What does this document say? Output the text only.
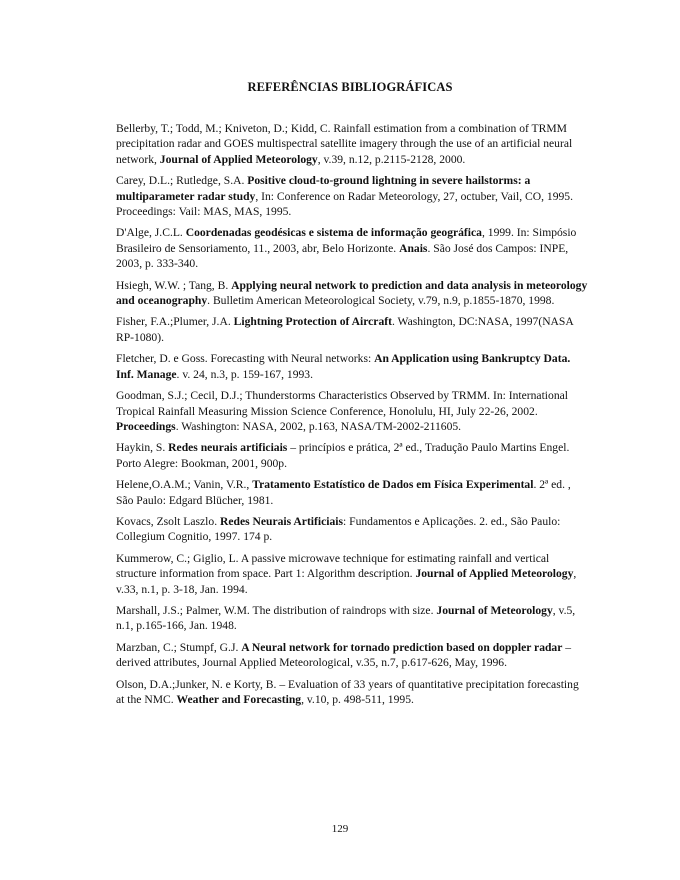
REFERÊNCIAS BIBLIOGRÁFICAS

Bellerby, T.; Todd, M.; Kniveton, D.; Kidd, C. Rainfall estimation from a combination of TRMM precipitation radar and GOES multispectral satellite imagery through the use of an artificial neural network, Journal of Applied Meteorology, v.39, n.12, p.2115-2128, 2000.

Carey, D.L.; Rutledge, S.A. Positive cloud-to-ground lightning in severe hailstorms: a multiparameter radar study, In: Conference on Radar Meteorology, 27, octuber, Vail, CO, 1995. Proceedings: Vail: MAS, MAS, 1995.

D'Alge, J.C.L. Coordenadas geodésicas e sistema de informação geográfica, 1999. In: Simpósio Brasileiro de Sensoriamento, 11., 2003, abr, Belo Horizonte. Anais. São José dos Campos: INPE, 2003, p. 333-340.

Hsiegh, W.W. ; Tang, B. Applying neural network to prediction and data analysis in meteorology and oceanography. Bulletim American Meteorological Society, v.79, n.9, p.1855-1870, 1998.

Fisher, F.A.;Plumer, J.A. Lightning Protection of Aircraft. Washington, DC:NASA, 1997(NASA RP-1080).

Fletcher, D. e Goss. Forecasting with Neural networks: An Application using Bankruptcy Data. Inf. Manage. v. 24, n.3, p. 159-167, 1993.

Goodman, S.J.; Cecil, D.J.; Thunderstorms Characteristics Observed by TRMM. In: International Tropical Rainfall Measuring Mission Science Conference, Honolulu, HI, July 22-26, 2002. Proceedings. Washington: NASA, 2002, p.163, NASA/TM-2002-211605.

Haykin, S. Redes neurais artificiais – princípios e prática, 2ª ed., Tradução Paulo Martins Engel. Porto Alegre: Bookman, 2001, 900p.

Helene,O.A.M.; Vanin, V.R., Tratamento Estatístico de Dados em Física Experimental. 2ª ed. , São Paulo: Edgard Blücher, 1981.

Kovacs, Zsolt Laszlo. Redes Neurais Artificiais: Fundamentos e Aplicações. 2. ed., São Paulo: Collegium Cognitio, 1997. 174 p.

Kummerow, C.; Giglio, L. A passive microwave technique for estimating rainfall and vertical structure information from space. Part 1: Algorithm description. Journal of Applied Meteorology, v.33, n.1, p. 3-18, Jan. 1994.

Marshall, J.S.; Palmer, W.M. The distribution of raindrops with size. Journal of Meteorology, v.5, n.1, p.165-166, Jan. 1948.

Marzban, C.; Stumpf, G.J. A Neural network for tornado prediction based on doppler radar – derived attributes, Journal Applied Meteorological, v.35, n.7, p.617-626, May, 1996.

Olson, D.A.;Junker, N. e Korty, B. – Evaluation of 33 years of quantitative precipitation forecasting at the NMC. Weather and Forecasting, v.10, p. 498-511, 1995.

129
